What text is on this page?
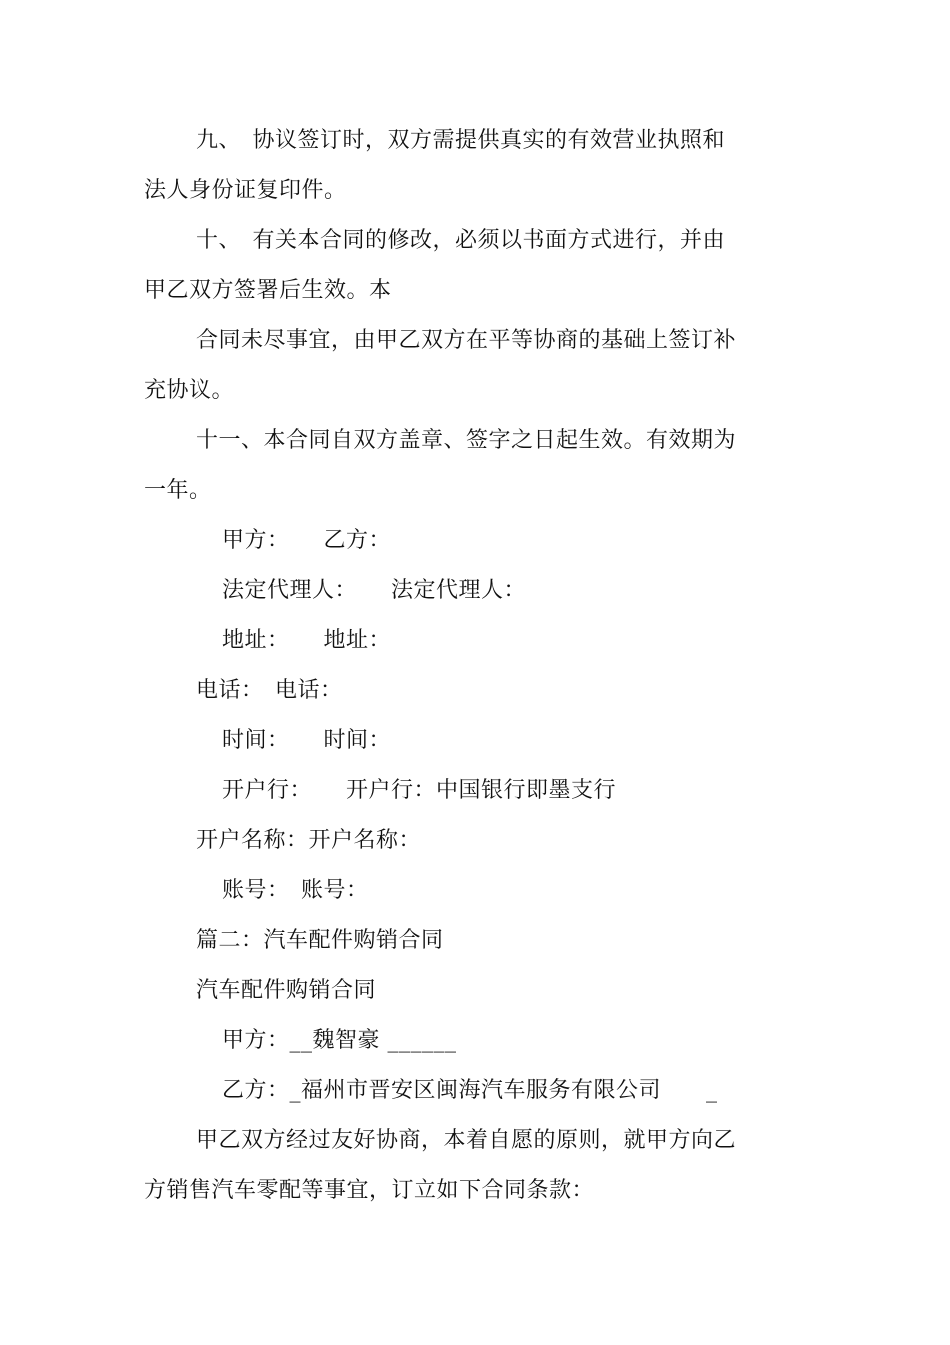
九、　协议签订时，双方需提供真实的有效营业执照和
法人身份证复印件。
十、　有关本合同的修改，必须以书面方式进行，并由
甲乙双方签署后生效。本
合同未尽事宜，由甲乙双方在平等协商的基础上签订补
充协议。
十一、本合同自双方盖章、签字之日起生效。有效期为
一年。
甲方：　　乙方：
法定代理人：　　法定代理人：
地址：　　地址：
电话：　电话：
时间：　　时间：
开户行：　　开户行：中国银行即墨支行
开户名称：开户名称：
账号：　账号：
篇二：汽车配件购销合同
汽车配件购销合同
甲方：__魏智豪 ______
乙方：_福州市晋安区闽海汽车服务有限公司　　_
甲乙双方经过友好协商，本着自愿的原则，就甲方向乙
方销售汽车零配等事宜，订立如下合同条款：
